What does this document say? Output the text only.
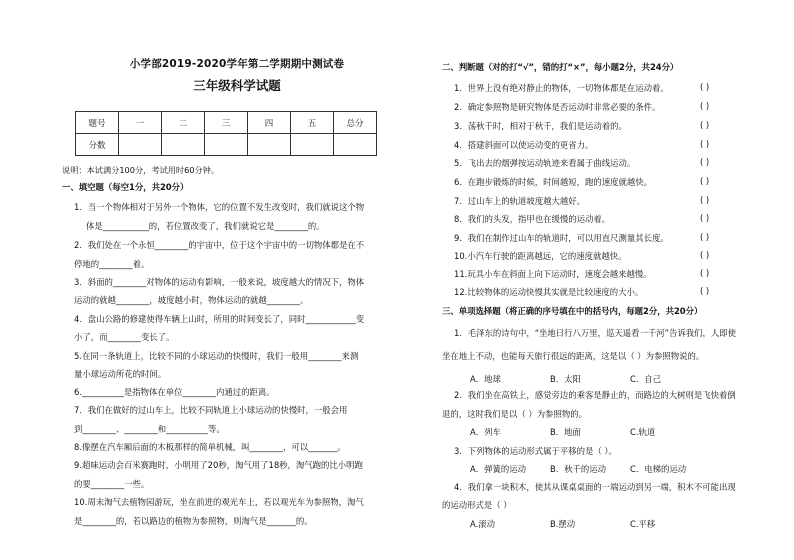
小学部2019-2020学年第二学期期中测试卷
三年级科学试题
题号	一	二	三	四	五	总分
分数						
说明：本试满分100分，考试用时60分钟。
一、填空题（每空1分，共20分）
1．当一个物体相对于另外一个物体，它的位置不发生改变时，我们就说这个物
体是___________的，若位置改变了，我们就说它是________的。
2．我们处在一个永恒________的宇宙中，位于这个宇宙中的一切物体都是在不
停地的________着。
3．斜面的________对物体的运动有影响，一般来说，坡度越大的情况下，物体
运动的就越________，坡度越小时，物体运动的就越________。
4．盘山公路的修建使得车辆上山时，所用的时间变长了，同时____________变
小了，而________变长了。
5.在同一条轨道上，比较不同的小球运动的快慢时，我们一般用________来测
量小球运动所花的时间。
6.__________是指物体在单位________内通过的距离。
7．我们在做好的过山车上，比较不同轨道上小球运动的快慢时，一般会用
到________、________和__________等。
8.像摆在汽车厢后面的木板那样的简单机械，叫________，可以_______。
9.超味运动会百米赛跑时，小明用了20秒，淘气用了18秒，淘气跑的比小明跑
的要________一些。
10.周末淘气去植物园游玩，坐在前进的观光车上，若以观光车为参照物，淘气
是________的，若以路边的植物为参照物，则淘气是_______的。
二、判断题（对的打“√”，错的打“×”，每小题2分，共24分）
1．世界上没有绝对静止的物体，一切物体都是在运动着。	( )
2．确定参照物是研究物体是否运动时非常必要的条件。	( )
3．荡秋千时，相对于秋千，我们是运动着的。	( )
4．搭建斜面可以使运动变的更省力。	( )
5．飞出去的烟弹按运动轨迹来看属于曲线运动。	( )
6．在跑步锻炼的时候，时间越短，跑的速度就越快。	( )
7．过山车上的轨道坡度越大越好。	( )
8．我们的头发，指甲也在缓慢的运动着。	( )
9．我们在制作过山车的轨道时，可以用直尺测量其长度。	( )
10.小汽车行驶的距离越远，它的速度就越快。	( )
11.玩具小车在斜面上向下运动时，速度会越来越慢。	( )
12.比较物体的运动快慢其实就是比较速度的大小。	( )
三、单项选择题（将正确的序号填在中的括号内，每题2分，共20分）
1．毛泽东的诗句中，“坐地日行八万里，巡天遥看一千河”告诉我们，人即使
坐在地上不动，也能每天旅行很远的距离，这是以（ ）为参照物说的。
A．地球	B．太阳	C．自己
2．我们坐在高铁上，感觉旁边的乘客是静止的，而路边的大树则是飞快着倒
退的，这时我们是以（ ）为参照物的。
A．列车	B．地面	C.轨道
3．下列物体的运动形式属于平移的是（ ）。
A．弹簧的运动	B．秋千的运动	C．电梯的运动
4．我们拿一块积木，使其从课桌桌面的一端运动到另一端，积木不可能出现
的运动形式是（ ）
A.滚动	B.摆动	C.平移
